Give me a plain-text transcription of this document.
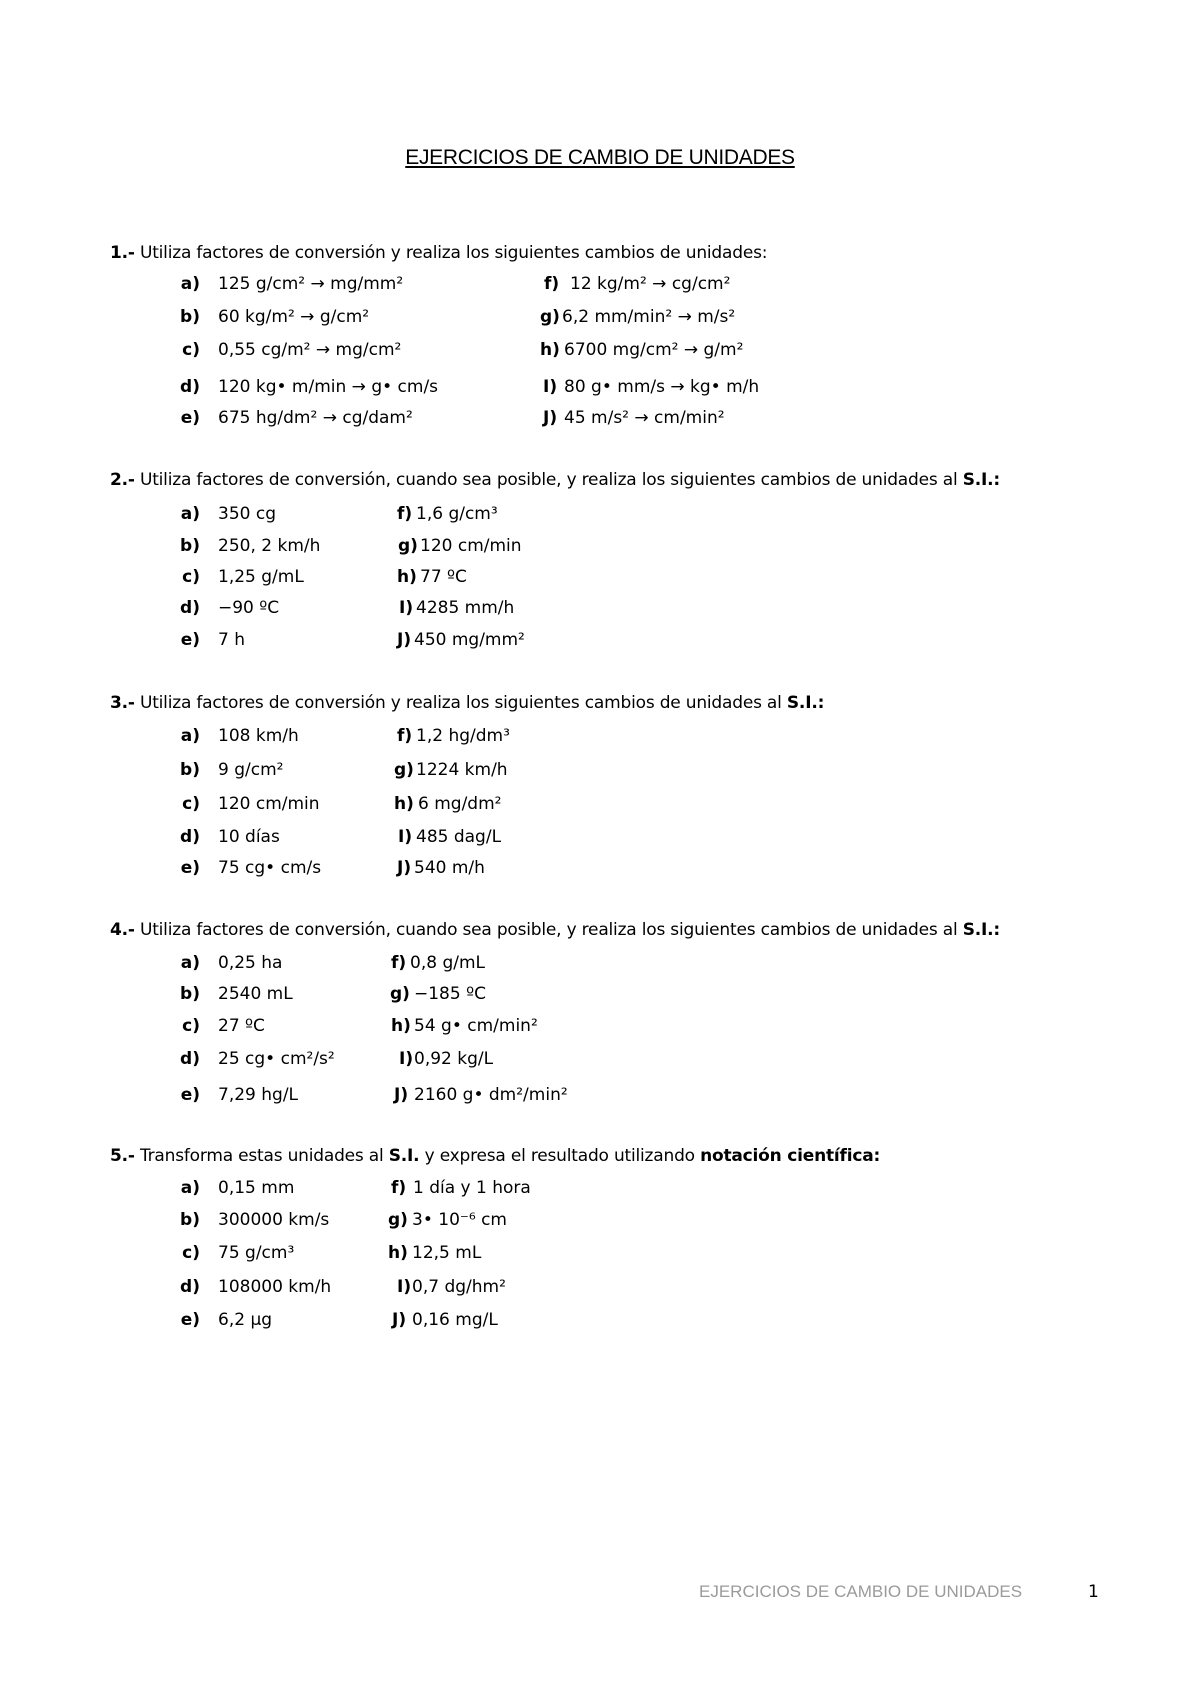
EJERCICIOS DE CAMBIO DE UNIDADES
1.- Utiliza factores de conversión y realiza los siguientes cambios de unidades:
a) 125 g/cm² → mg/mm²	f) 12 kg/m² → cg/cm²
b) 60 kg/m² → g/cm²	g) 6,2 mm/min² → m/s²
c) 0,55 cg/m² → mg/cm²	h) 6700 mg/cm² → g/m²
d) 120 kg• m/min → g• cm/s	I) 80 g• mm/s → kg• m/h
e) 675 hg/dm² → cg/dam²	J) 45 m/s² → cm/min²
2.- Utiliza factores de conversión, cuando sea posible, y realiza los siguientes cambios de unidades al S.I.:
a) 350 cg	f) 1,6 g/cm³
b) 250, 2 km/h	g) 120 cm/min
c) 1,25 g/mL	h) 77 ºC
d) −90 ºC	I) 4285 mm/h
e) 7 h	J) 450 mg/mm²
3.- Utiliza factores de conversión y realiza los siguientes cambios de unidades al S.I.:
a) 108 km/h	f) 1,2 hg/dm³
b) 9 g/cm²	g) 1224 km/h
c) 120 cm/min	h) 6 mg/dm²
d) 10 días	I) 485 dag/L
e) 75 cg• cm/s	J) 540 m/h
4.- Utiliza factores de conversión, cuando sea posible, y realiza los siguientes cambios de unidades al S.I.:
a) 0,25 ha	f) 0,8 g/mL
b) 2540 mL	g) −185 ºC
c) 27 ºC	h) 54 g• cm/min²
d) 25 cg• cm²/s²	I) 0,92 kg/L
e) 7,29 hg/L	J) 2160 g• dm²/min²
5.- Transforma estas unidades al S.I. y expresa el resultado utilizando notación científica:
a) 0,15 mm	f) 1 día y 1 hora
b) 300000 km/s	g) 3• 10⁻⁶ cm
c) 75 g/cm³	h) 12,5 mL
d) 108000 km/h	I) 0,7 dg/hm²
e) 6,2 μg	J) 0,16 mg/L
EJERCICIOS DE CAMBIO DE UNIDADES	1
